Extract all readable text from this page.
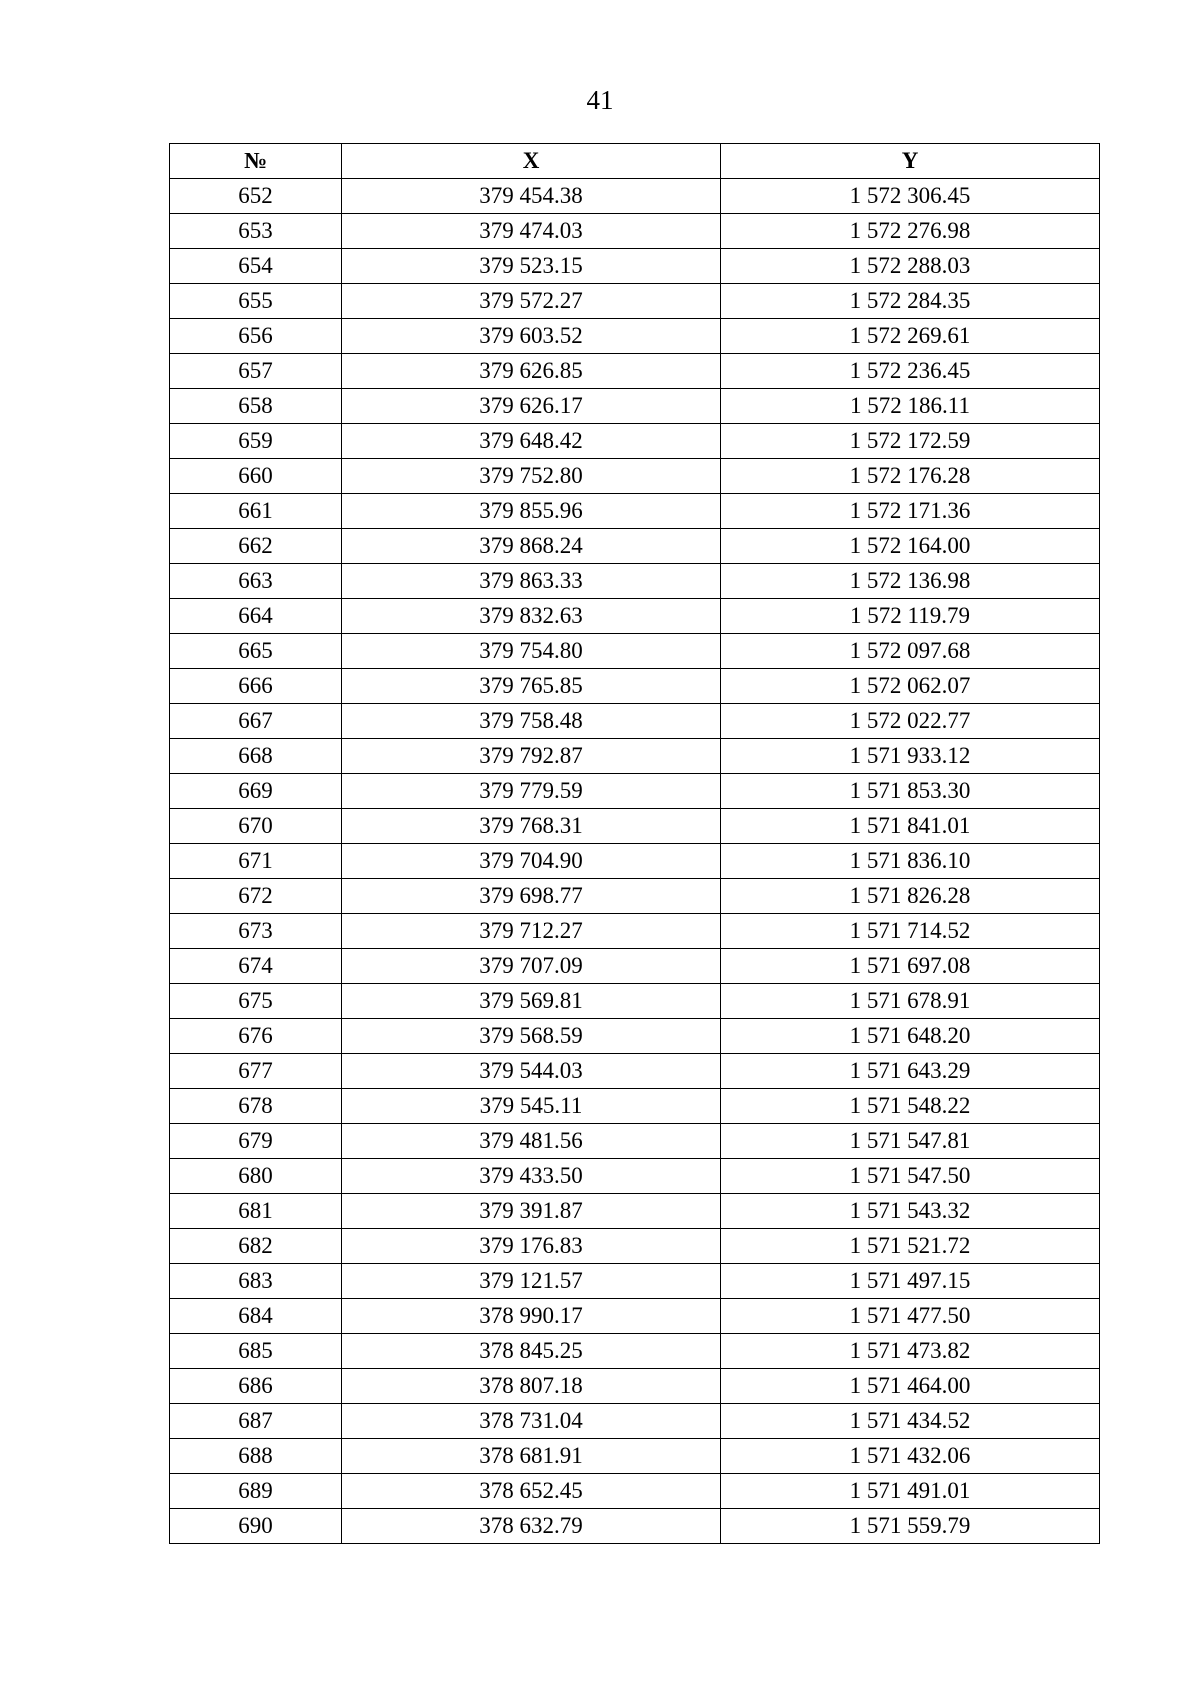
41
№	X	Y
652	379 454.38	1 572 306.45
653	379 474.03	1 572 276.98
654	379 523.15	1 572 288.03
655	379 572.27	1 572 284.35
656	379 603.52	1 572 269.61
657	379 626.85	1 572 236.45
658	379 626.17	1 572 186.11
659	379 648.42	1 572 172.59
660	379 752.80	1 572 176.28
661	379 855.96	1 572 171.36
662	379 868.24	1 572 164.00
663	379 863.33	1 572 136.98
664	379 832.63	1 572 119.79
665	379 754.80	1 572 097.68
666	379 765.85	1 572 062.07
667	379 758.48	1 572 022.77
668	379 792.87	1 571 933.12
669	379 779.59	1 571 853.30
670	379 768.31	1 571 841.01
671	379 704.90	1 571 836.10
672	379 698.77	1 571 826.28
673	379 712.27	1 571 714.52
674	379 707.09	1 571 697.08
675	379 569.81	1 571 678.91
676	379 568.59	1 571 648.20
677	379 544.03	1 571 643.29
678	379 545.11	1 571 548.22
679	379 481.56	1 571 547.81
680	379 433.50	1 571 547.50
681	379 391.87	1 571 543.32
682	379 176.83	1 571 521.72
683	379 121.57	1 571 497.15
684	378 990.17	1 571 477.50
685	378 845.25	1 571 473.82
686	378 807.18	1 571 464.00
687	378 731.04	1 571 434.52
688	378 681.91	1 571 432.06
689	378 652.45	1 571 491.01
690	378 632.79	1 571 559.79
